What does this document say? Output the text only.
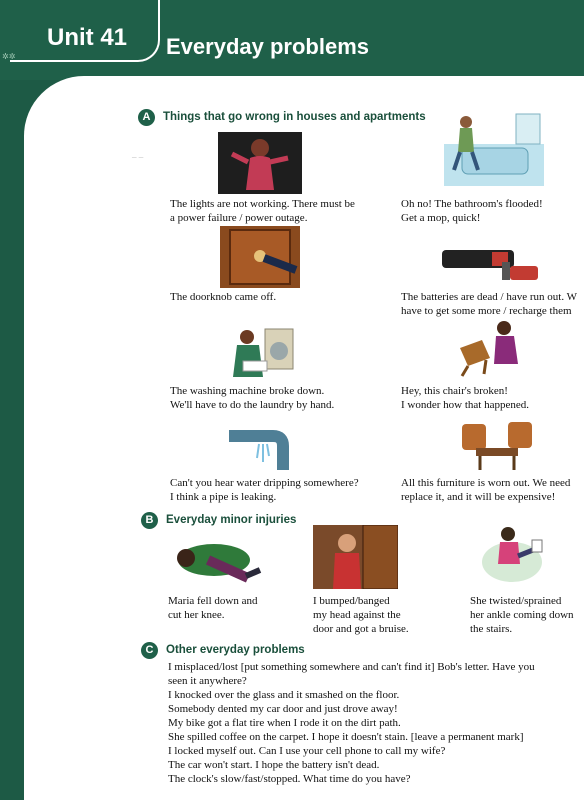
Unit 41 Everyday problems
✲✲
A	Things that go wrong in houses and apartments
– –
The lights are not working. There must be
a power failure / power outage.
The doorknob came off.
The washing machine broke down.
We'll have to do the laundry by hand.
Can't you hear water dripping somewhere?
I think a pipe is leaking.
Oh no! The bathroom's flooded!
Get a mop, quick!
The batteries are dead / have run out. W
have to get some more / recharge them
Hey, this chair's broken!
I wonder how that happened.
All this furniture is worn out. We need
replace it, and it will be expensive!
B	Everyday minor injuries
Maria fell down and
cut her knee.
I bumped/banged
my head against the
door and got a bruise.
She twisted/sprained
her ankle coming down
the stairs.
C	Other everyday problems
I misplaced/lost [put something somewhere and can't find it] Bob's letter. Have you
seen it anywhere?
I knocked over the glass and it smashed on the floor.
Somebody dented my car door and just drove away!
My bike got a flat tire when I rode it on the dirt path.
She spilled coffee on the carpet. I hope it doesn't stain. [leave a permanent mark]
I locked myself out. Can I use your cell phone to call my wife?
The car won't start. I hope the battery isn't dead.
The clock's slow/fast/stopped. What time do you have?
82
